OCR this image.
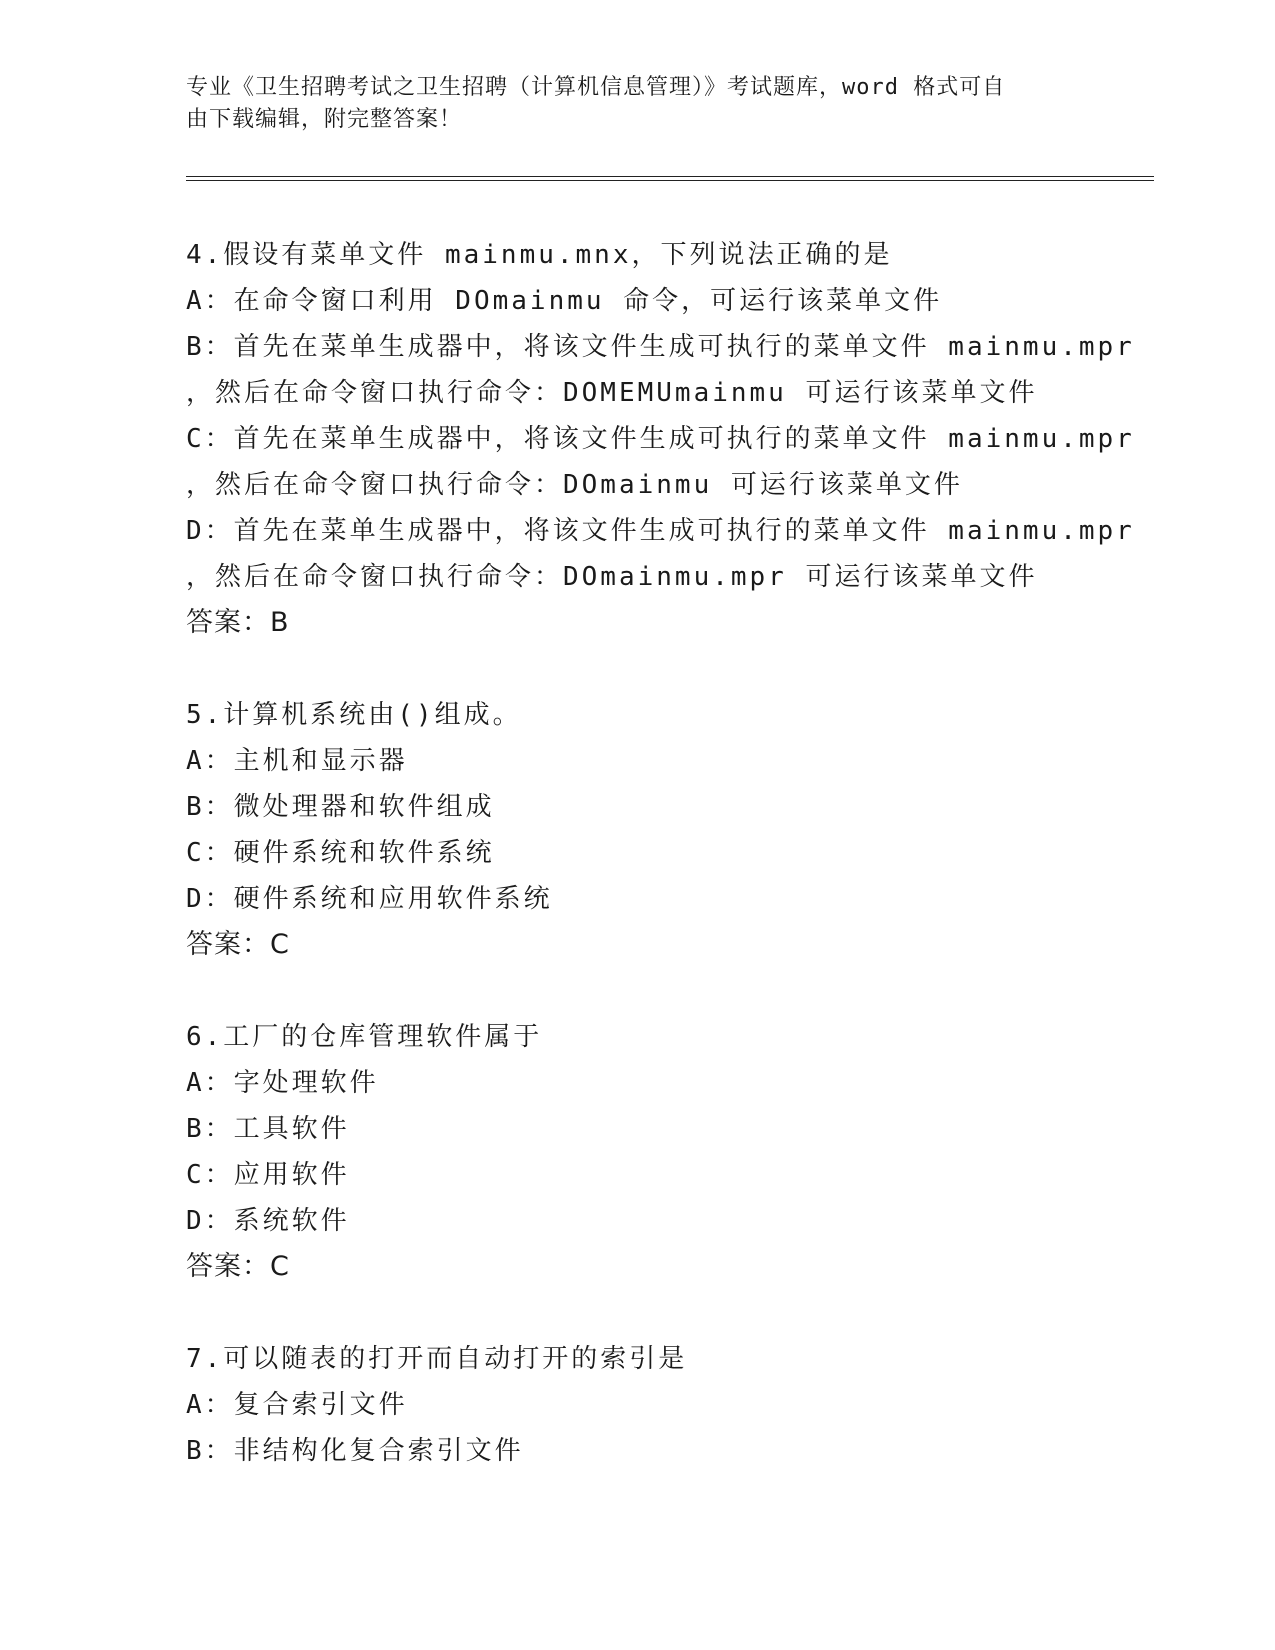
专业《卫生招聘考试之卫生招聘（计算机信息管理）》考试题库，word 格式可自
由下载编辑，附完整答案！
4.假设有菜单文件 mainmu.mnx，下列说法正确的是
A：在命令窗口利用 DOmainmu 命令，可运行该菜单文件
B：首先在菜单生成器中，将该文件生成可执行的菜单文件 mainmu.mpr
，然后在命令窗口执行命令：DOMEMUmainmu 可运行该菜单文件
C：首先在菜单生成器中，将该文件生成可执行的菜单文件 mainmu.mpr
，然后在命令窗口执行命令：DOmainmu 可运行该菜单文件
D：首先在菜单生成器中，将该文件生成可执行的菜单文件 mainmu.mpr
，然后在命令窗口执行命令：DOmainmu.mpr 可运行该菜单文件
答案：B
5.计算机系统由()组成。
A：主机和显示器
B：微处理器和软件组成
C：硬件系统和软件系统
D：硬件系统和应用软件系统
答案：C
6.工厂的仓库管理软件属于
A：字处理软件
B：工具软件
C：应用软件
D：系统软件
答案：C
7.可以随表的打开而自动打开的索引是
A：复合索引文件
B：非结构化复合索引文件
